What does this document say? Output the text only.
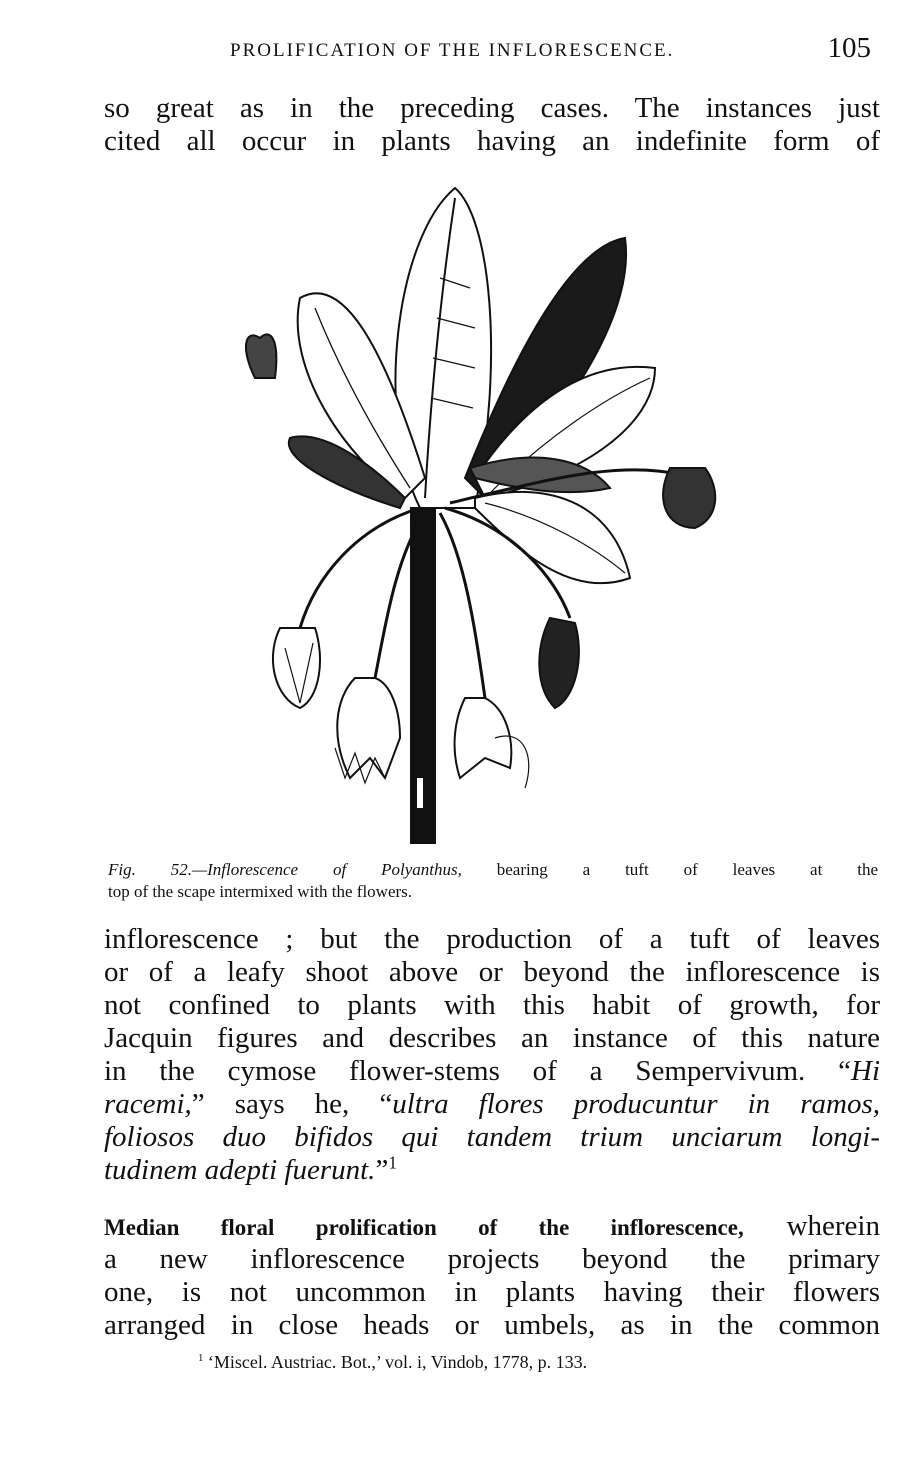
PROLIFICATION OF THE INFLORESCENCE.	105
so great as in the preceding cases. The instances just
cited all occur in plants having an indefinite form of
Fig. 52.—Inflorescence of Polyanthus, bearing a tuft of leaves at the
top of the scape intermixed with the flowers.
inflorescence ; but the production of a tuft of leaves
or of a leafy shoot above or beyond the inflorescence is
not confined to plants with this habit of growth, for
Jacquin figures and describes an instance of this nature
in the cymose flower-stems of a Sempervivum. “Hi
racemi,” says he, “ultra flores producuntur in ramos,
foliosos duo bifidos qui tandem trium unciarum longi-
tudinem adepti fuerunt.”$^1$
Median floral prolification of the inflorescence, wherein
a new inflorescence projects beyond the primary
one, is not uncommon in plants having their flowers
arranged in close heads or umbels, as in the common
$^1$ ‘Miscel. Austriac. Bot.,’ vol. i, Vindob, 1778, p. 133.
